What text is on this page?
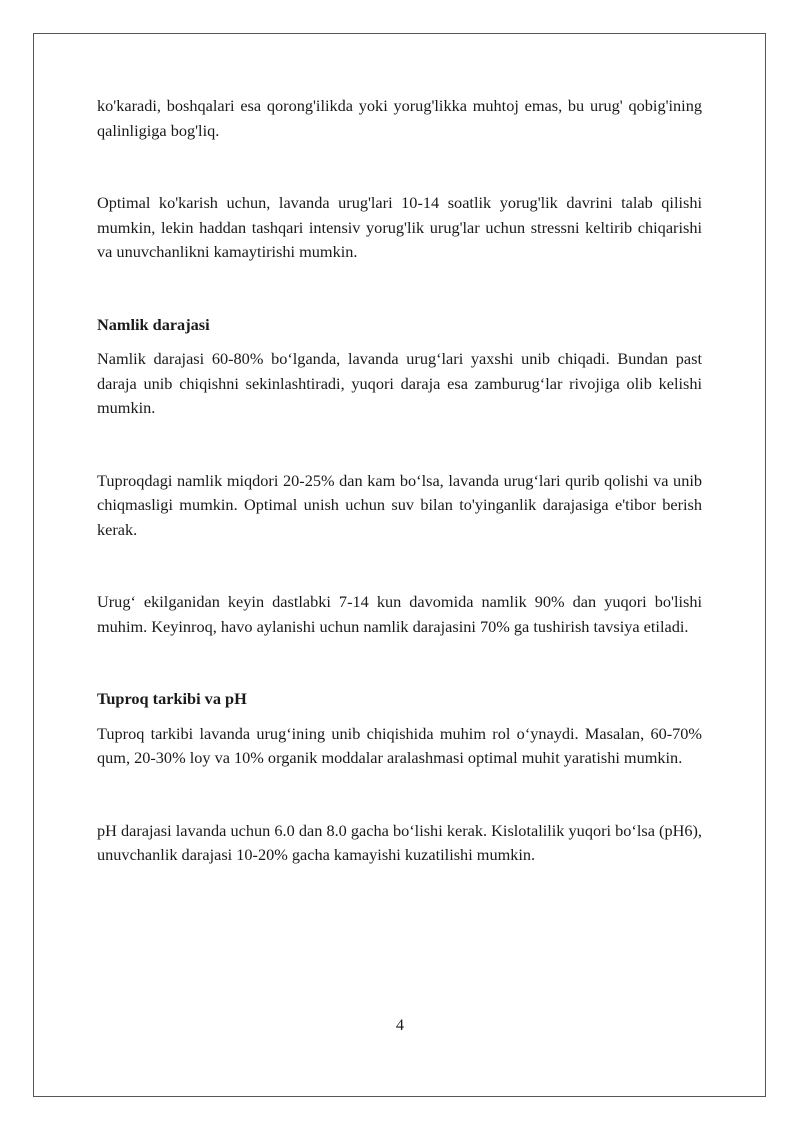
ko'karadi, boshqalari esa qorong'ilikda yoki yorug'likka muhtoj emas, bu urug' qobig'ining qalinligiga bog'liq.

Optimal ko'karish uchun, lavanda urug'lari 10-14 soatlik yorug'lik davrini talab qilishi mumkin, lekin haddan tashqari intensiv yorug'lik urug'lar uchun stressni keltirib chiqarishi va unuvchanlikni kamaytirishi mumkin.

Namlik darajasi

Namlik darajasi 60-80% bo‘lganda, lavanda urug‘lari yaxshi unib chiqadi. Bundan past daraja unib chiqishni sekinlashtiradi, yuqori daraja esa zamburug‘lar rivojiga olib kelishi mumkin.

Tuproqdagi namlik miqdori 20-25% dan kam bo‘lsa, lavanda urug‘lari qurib qolishi va unib chiqmasligi mumkin. Optimal unish uchun suv bilan to'yinganlik darajasiga e'tibor berish kerak.

Urug‘ ekilganidan keyin dastlabki 7-14 kun davomida namlik 90% dan yuqori bo'lishi muhim. Keyinroq, havo aylanishi uchun namlik darajasini 70% ga tushirish tavsiya etiladi.

Tuproq tarkibi va pH

Tuproq tarkibi lavanda urug‘ining unib chiqishida muhim rol o‘ynaydi. Masalan, 60-70% qum, 20-30% loy va 10% organik moddalar aralashmasi optimal muhit yaratishi mumkin.

pH darajasi lavanda uchun 6.0 dan 8.0 gacha bo‘lishi kerak. Kislotalilik yuqori bo‘lsa (pH6), unuvchanlik darajasi 10-20% gacha kamayishi kuzatilishi mumkin.

4
